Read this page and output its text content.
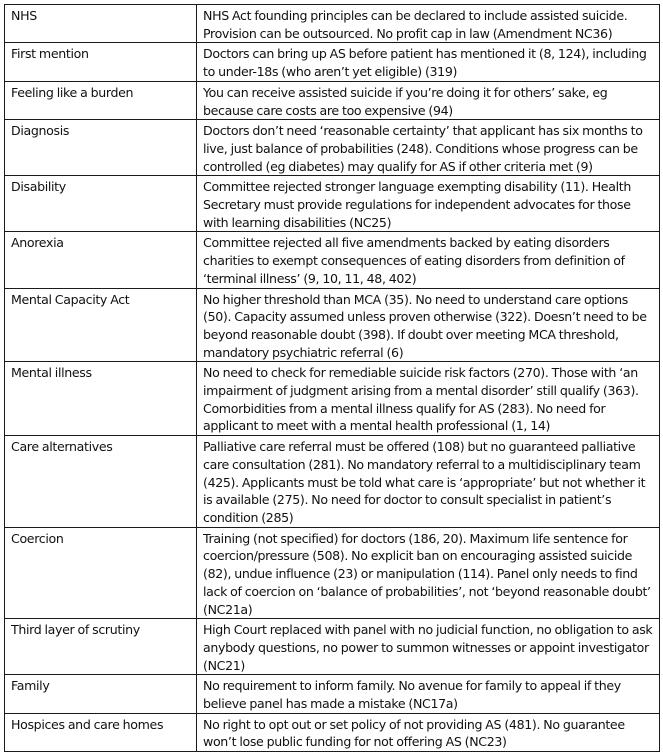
NHS	NHS Act founding principles can be declared to include assisted suicide. Provision can be outsourced. No profit cap in law (Amendment NC36)
First mention	Doctors can bring up AS before patient has mentioned it (8, 124), including to under-18s (who aren’t yet eligible) (319)
Feeling like a burden	You can receive assisted suicide if you’re doing it for others’ sake, eg because care costs are too expensive (94)
Diagnosis	Doctors don’t need ‘reasonable certainty’ that applicant has six months to live, just balance of probabilities (248). Conditions whose progress can be controlled (eg diabetes) may qualify for AS if other criteria met (9)
Disability	Committee rejected stronger language exempting disability (11). Health Secretary must provide regulations for independent advocates for those with learning disabilities (NC25)
Anorexia	Committee rejected all five amendments backed by eating disorders charities to exempt consequences of eating disorders from definition of ‘terminal illness’ (9, 10, 11, 48, 402)
Mental Capacity Act	No higher threshold than MCA (35). No need to understand care options (50). Capacity assumed unless proven otherwise (322). Doesn’t need to be beyond reasonable doubt (398). If doubt over meeting MCA threshold, mandatory psychiatric referral (6)
Mental illness	No need to check for remediable suicide risk factors (270). Those with ‘an impairment of judgment arising from a mental disorder’ still qualify (363). Comorbidities from a mental illness qualify for AS (283). No need for applicant to meet with a mental health professional (1, 14)
Care alternatives	Palliative care referral must be offered (108) but no guaranteed palliative care consultation (281). No mandatory referral to a multidisciplinary team (425). Applicants must be told what care is ‘appropriate’ but not whether it is available (275). No need for doctor to consult specialist in patient’s condition (285)
Coercion	Training (not specified) for doctors (186, 20). Maximum life sentence for coercion/pressure (508). No explicit ban on encouraging assisted suicide (82), undue influence (23) or manipulation (114). Panel only needs to find lack of coercion on ‘balance of probabilities’, not ‘beyond reasonable doubt’ (NC21a)
Third layer of scrutiny	High Court replaced with panel with no judicial function, no obligation to ask anybody questions, no power to summon witnesses or appoint investigator (NC21)
Family	No requirement to inform family. No avenue for family to appeal if they believe panel has made a mistake (NC17a)
Hospices and care homes	No right to opt out or set policy of not providing AS (481). No guarantee won’t lose public funding for not offering AS (NC23)
